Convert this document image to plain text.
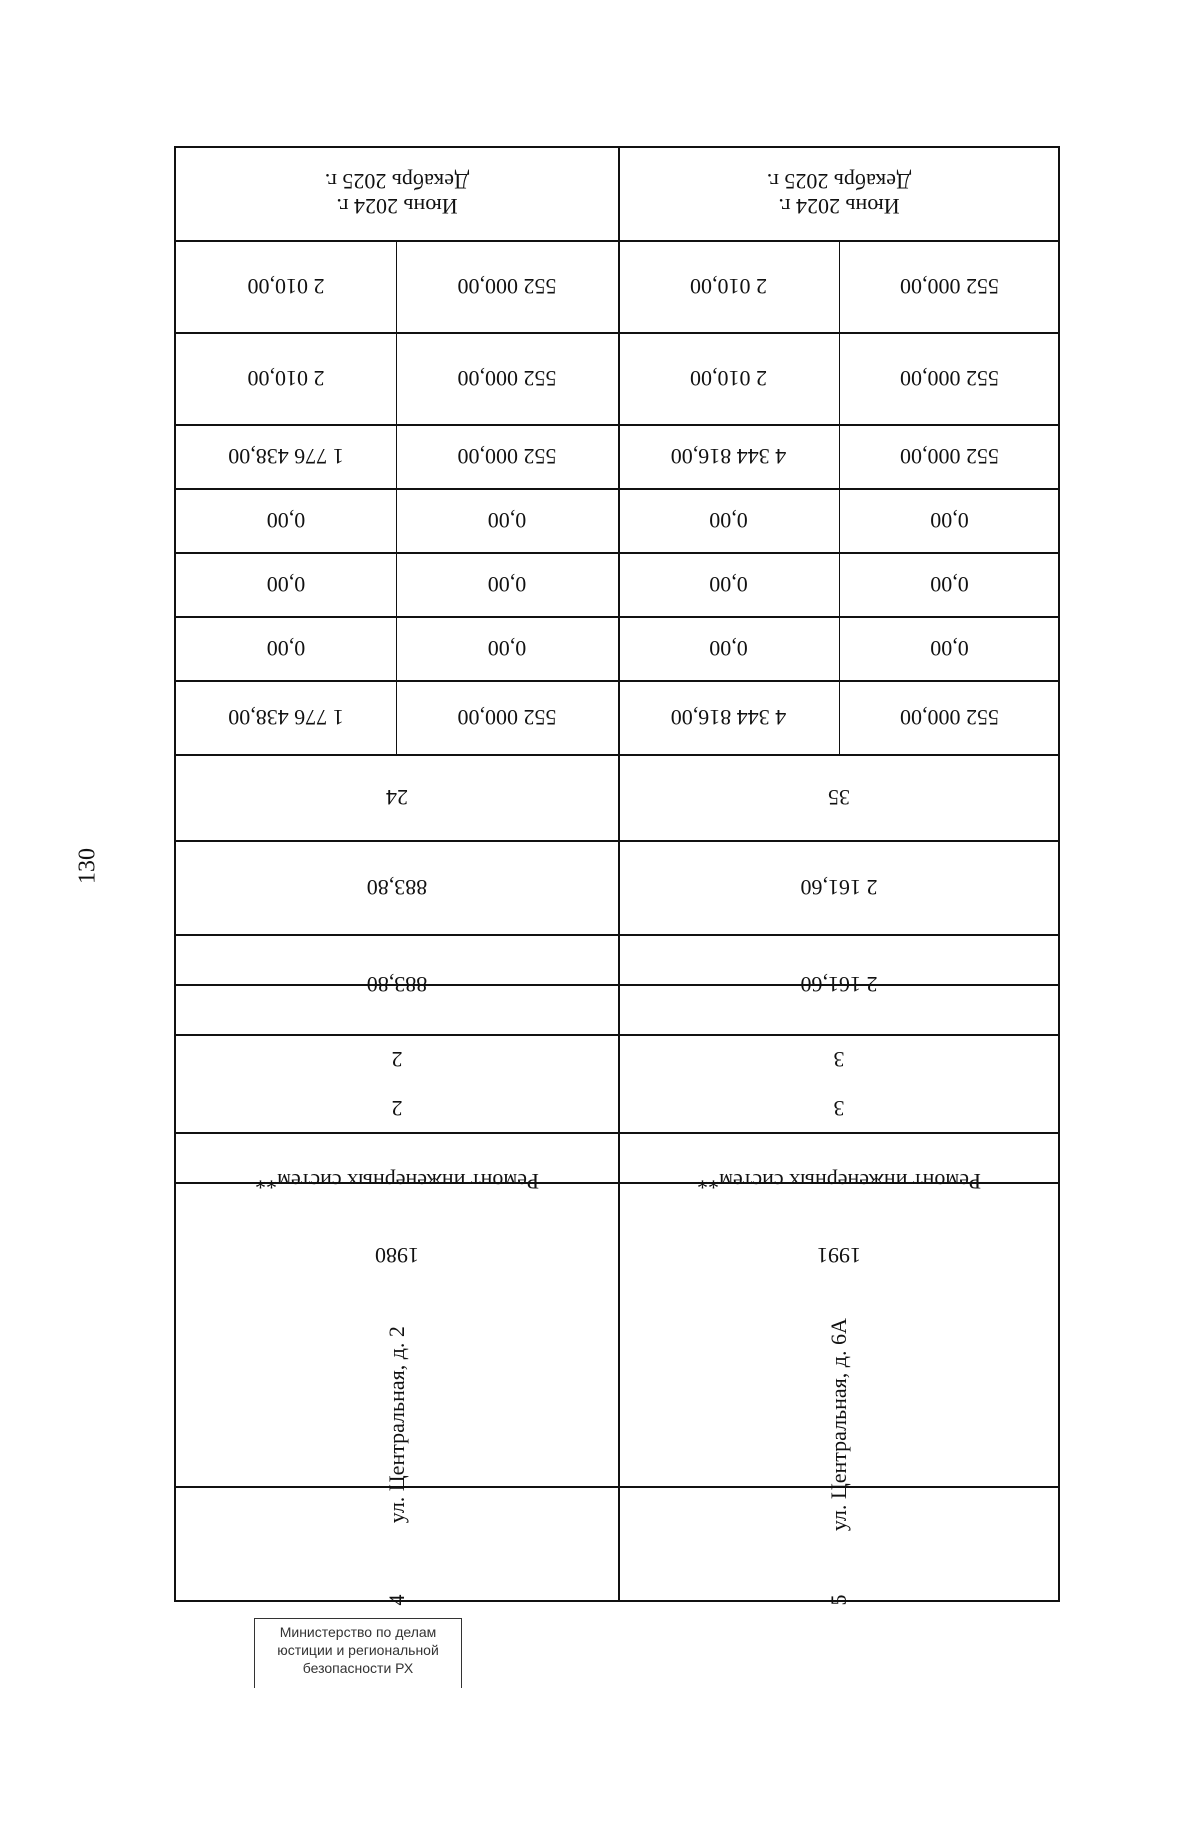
130
Июнь 2024 г.
Декабрь 2025 г.
2 010,00	552 000,00
2 010,00	552 000,00
1 776 438,00	552 000,00
0,00	0,00
0,00	0,00
0,00	0,00
1 776 438,00	552 000,00
24
883,80
883,80
2
2
Ремонт инженерных систем**
1980
ул. Центральная, д. 2
4
Июнь 2024 г.
Декабрь 2025 г.
2 010,00	552 000,00
2 010,00	552 000,00
4 344 816,00	552 000,00
0,00	0,00
0,00	0,00
0,00	0,00
4 344 816,00	552 000,00
35
2 161,60
2 161,60
3
3
Ремонт инженерных систем**
1991
ул. Центральная, д. 6А
5
Министерство по делам
юстиции и региональной
безопасности РХ
